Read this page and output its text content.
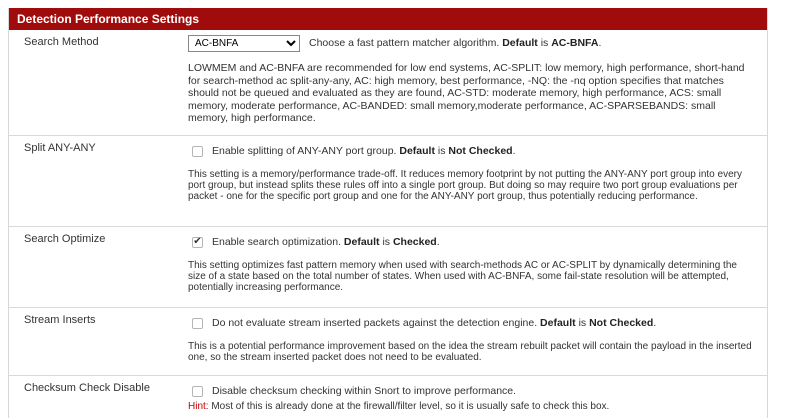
Detection Performance Settings
Search Method
AC-BNFA	Choose a fast pattern matcher algorithm. Default is AC-BNFA.
LOWMEM and AC-BNFA are recommended for low end systems, AC-SPLIT: low memory, high performance, short-hand for search-method ac split-any-any, AC: high memory, best performance, -NQ: the -nq option specifies that matches should not be queued and evaluated as they are found, AC-STD: moderate memory, high performance, ACS: small memory, moderate performance, AC-BANDED: small memory,moderate performance, AC-SPARSEBANDS: small memory, high performance.
Split ANY-ANY	Enable splitting of ANY-ANY port group. Default is Not Checked.
This setting is a memory/performance trade-off. It reduces memory footprint by not putting the ANY-ANY port group into every port group, but instead splits these rules off into a single port group. But doing so may require two port group evaluations per packet - one for the specific port group and one for the ANY-ANY port group, thus potentially reducing performance.
Search Optimize	✔ Enable search optimization. Default is Checked.
This setting optimizes fast pattern memory when used with search-methods AC or AC-SPLIT by dynamically determining the size of a state based on the total number of states. When used with AC-BNFA, some fail-state resolution will be attempted, potentially increasing performance.
Stream Inserts	Do not evaluate stream inserted packets against the detection engine. Default is Not Checked.
This is a potential performance improvement based on the idea the stream rebuilt packet will contain the payload in the inserted one, so the stream inserted packet does not need to be evaluated.
Checksum Check Disable	Disable checksum checking within Snort to improve performance.
Hint: Most of this is already done at the firewall/filter level, so it is usually safe to check this box.
